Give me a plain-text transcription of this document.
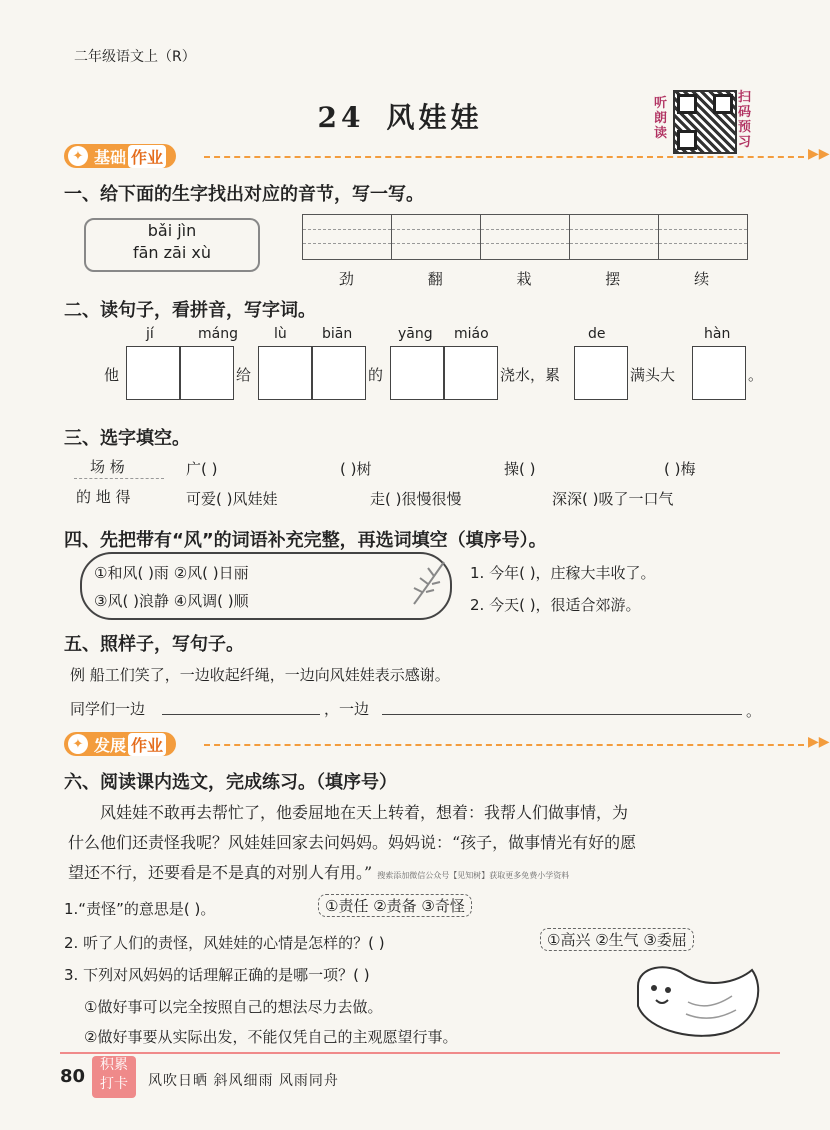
二年级语文上（R）
24 风娃娃	听朗读
扫码预习
✦ 基础 作业	▶▶
一、给下面的生字找出对应的音节，写一写。
bǎi jìn
fān zāi xù
劲	翻	栽	摆	续
二、读句子，看拼音，写字词。
jí	máng	lù	biān	yāng miáo	de	hàn
他	给	的	浇水，累	满头大	。
三、选字填空。
场 杨
的 地 得
广( )	( )树	操( )	( )梅
可爱( )风娃娃	走( )很慢很慢	深深( )吸了一口气
四、先把带有“风”的词语补充完整，再选词填空（填序号）。
①和风( )雨 ②风( )日丽
③风( )浪静 ④风调( )顺
1. 今年( )，庄稼大丰收了。
2. 今天( )，很适合郊游。
五、照样子，写句子。
例 船工们笑了，一边收起纤绳，一边向风娃娃表示感谢。
同学们一边	，一边	。
✦ 发展 作业	▶▶
六、阅读课内选文，完成练习。（填序号）
风娃娃不敢再去帮忙了，他委屈地在天上转着，想着：我帮人们做事情，为
什么他们还责怪我呢？风娃娃回家去问妈妈。妈妈说：“孩子，做事情光有好的愿
望还不行，还要看是不是真的对别人有用。” 搜索添加微信公众号【见知树】获取更多免费小学资料
1.“责怪”的意思是( )。	①责任 ②责备 ③奇怪
2. 听了人们的责怪，风娃娃的心情是怎样的？( )	①高兴 ②生气 ③委屈
3. 下列对风妈妈的话理解正确的是哪一项？( )
①做好事可以完全按照自己的想法尽力去做。
②做好事要从实际出发，不能仅凭自己的主观愿望行事。
80
积累
打卡	风吹日晒 斜风细雨 风雨同舟
